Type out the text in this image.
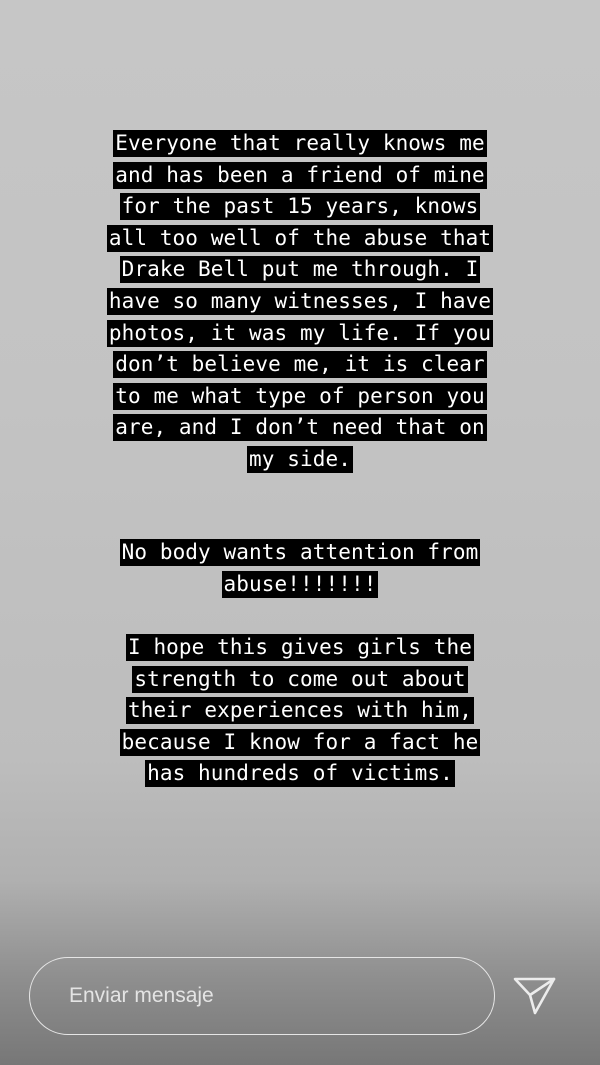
Everyone that really knows me
and has been a friend of mine
for the past 15 years, knows
all too well of the abuse that
Drake Bell put me through. I
have so many witnesses, I have
photos, it was my life. If you
don’t believe me, it is clear
to me what type of person you
are, and I don’t need that on
my side.
No body wants attention from
abuse!!!!!!!
I hope this gives girls the
strength to come out about
their experiences with him,
because I know for a fact he
has hundreds of victims.
Enviar mensaje
